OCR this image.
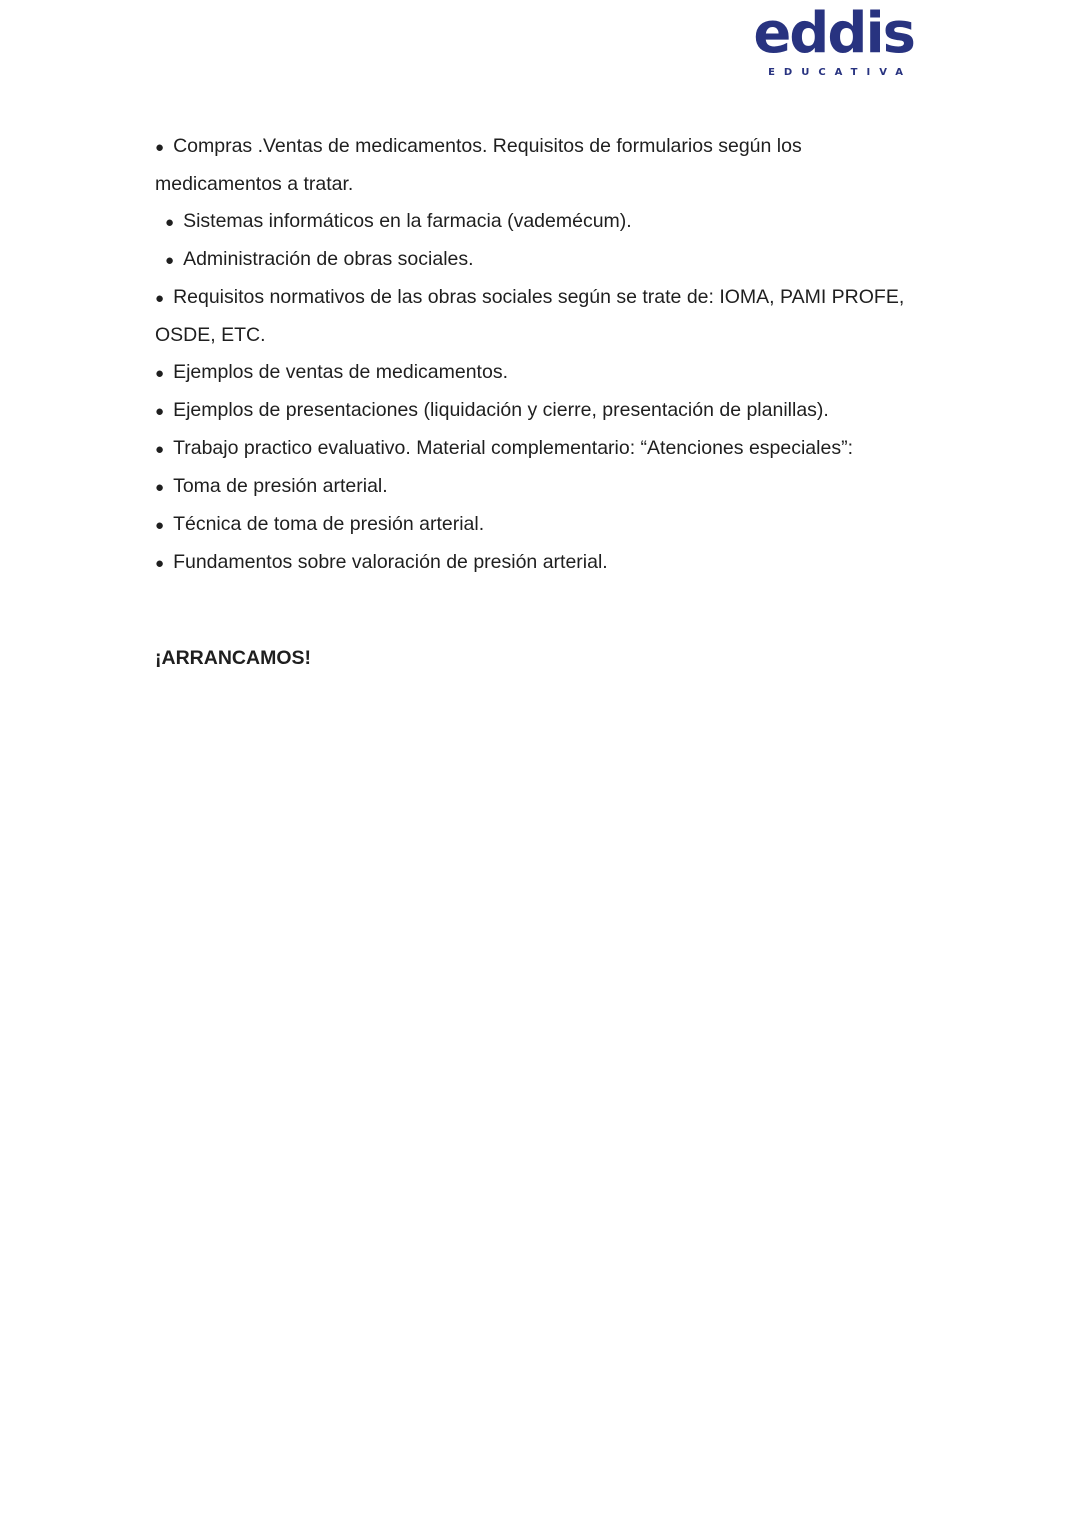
eddis
EDUCATIVA
● Compras .Ventas de medicamentos. Requisitos de formularios según los medicamentos a tratar.
● Sistemas informáticos en la farmacia (vademécum).
● Administración de obras sociales.
● Requisitos normativos de las obras sociales según se trate de: IOMA, PAMI PROFE, OSDE, ETC.
● Ejemplos de ventas de medicamentos.
● Ejemplos de presentaciones (liquidación y cierre, presentación de planillas).
● Trabajo practico evaluativo. Material complementario: “Atenciones especiales”:
● Toma de presión arterial.
● Técnica de toma de presión arterial.
● Fundamentos sobre valoración de presión arterial.

¡ARRANCAMOS!
